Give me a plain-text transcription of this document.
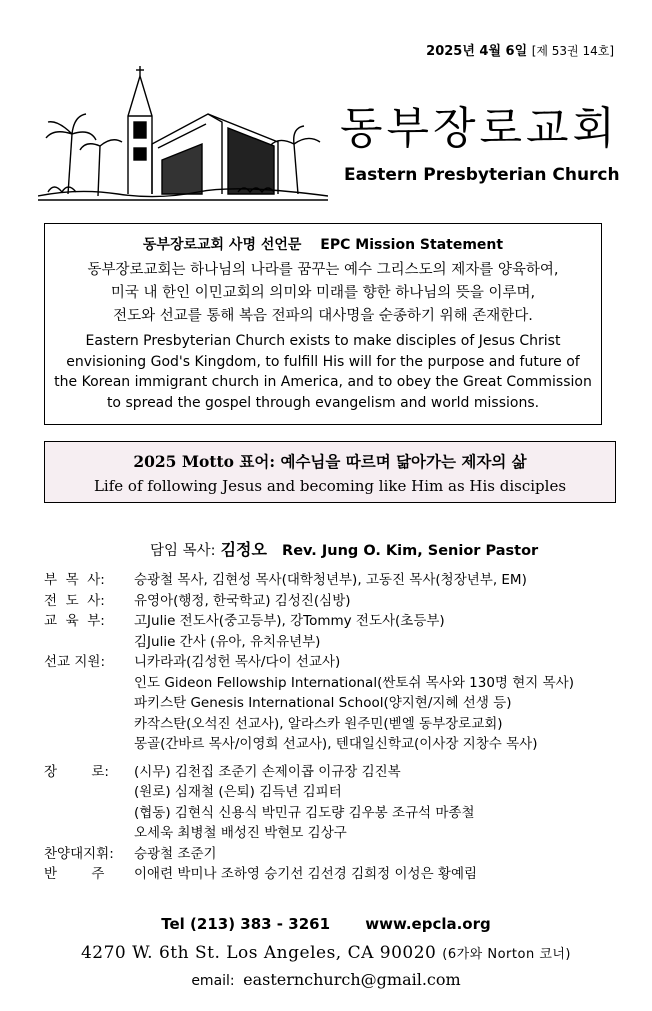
2025년 4월 6일 [제 53권 14호]
동부장로교회
Eastern Presbyterian Church
동부장로교회 사명 선언문 EPC Mission Statement
동부장로교회는 하나님의 나라를 꿈꾸는 예수 그리스도의 제자를 양육하여,
미국 내 한인 이민교회의 의미와 미래를 향한 하나님의 뜻을 이루며,
전도와 선교를 통해 복음 전파의 대사명을 순종하기 위해 존재한다.
Eastern Presbyterian Church exists to make disciples of Jesus Christ
envisioning God's Kingdom, to fulfill His will for the purpose and future of
the Korean immigrant church in America, and to obey the Great Commission
to spread the gospel through evangelism and world missions.
2025 Motto 표어: 예수님을 따르며 닮아가는 제자의 삶
Life of following Jesus and becoming like Him as His disciples
담임 목사: 김정오 Rev. Jung O. Kim, Senior Pastor
부  목  사:	승광철 목사, 김현성 목사(대학청년부), 고동진 목사(청장년부, EM)
전  도  사:	유영아(행정, 한국학교) 김성진(심방)
교  육  부:	고Julie 전도사(중고등부), 강Tommy 전도사(초등부)
김Julie 간사 (유아, 유치유년부)
선교 지원:	니카라과(김성헌 목사/다이 선교사)
인도 Gideon Fellowship International(싼토쉬 목사와 130명 현지 목사)
파키스탄 Genesis International School(양지현/지혜 선생 등)
카작스탄(오석진 선교사), 알라스카 원주민(벧엘 동부장로교회)
몽골(간바르 목사/이영희 선교사), 텐대일신학교(이사장 지창수 목사)
장        로:	(시무) 김천집 조준기 손제이콥 이규장 김진복
(원로) 심재철 (은퇴) 김득년 김피터
(협동) 김현식 신용식 박민규 김도량 김우봉 조규석 마종철
오세욱 최병철 배성진 박현모 김상구
찬양대지휘:	승광철 조준기
반        주	이애련 박미나 조하영 승기선 김선경 김희정 이성은 황예림
Tel (213) 383 - 3261 www.epcla.org
4270 W. 6th St. Los Angeles, CA 90020 (6가와 Norton 코너)
email: easternchurch@gmail.com
